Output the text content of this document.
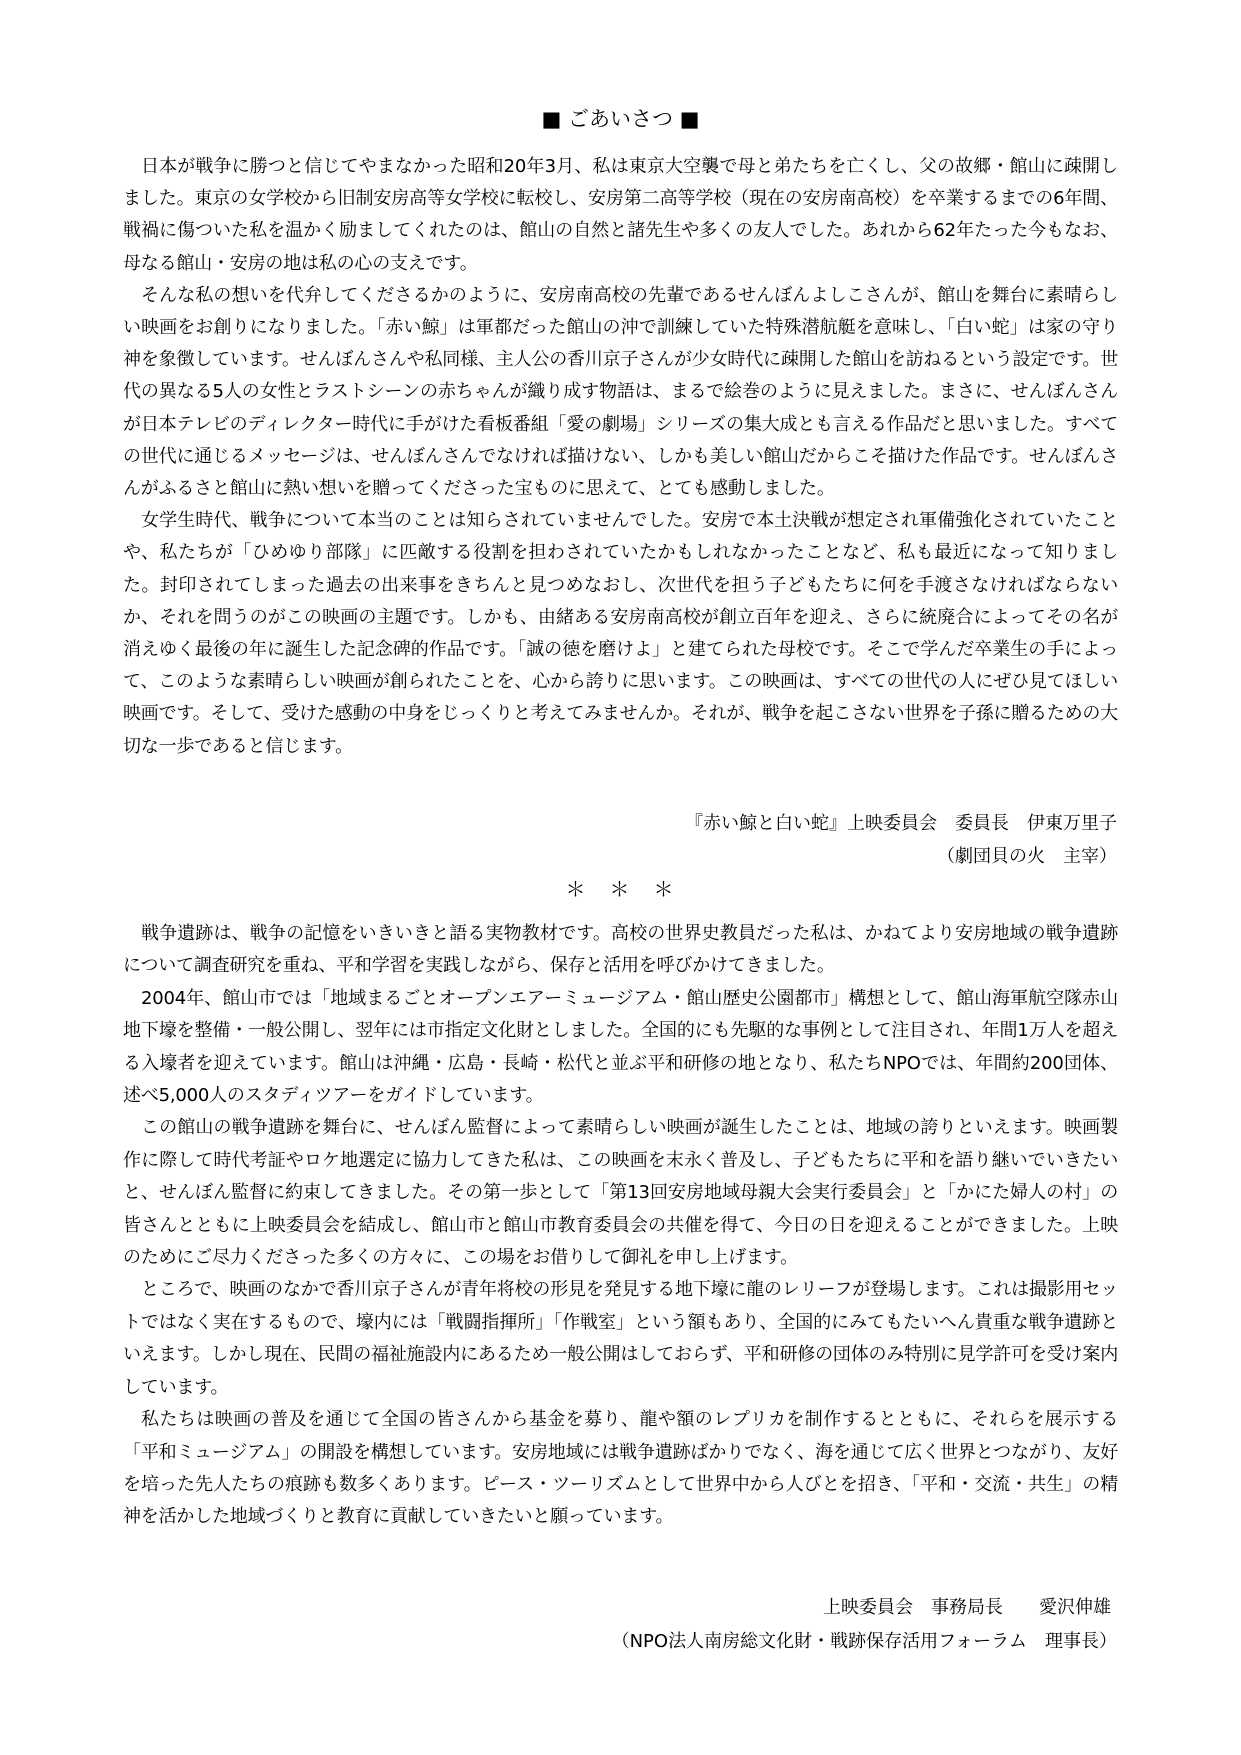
■ ごあいさつ ■

日本が戦争に勝つと信じてやまなかった昭和20年3月、私は東京大空襲で母と弟たちを亡くし、父の故郷・館山に疎開しました。東京の女学校から旧制安房高等女学校に転校し、安房第二高等学校（現在の安房南高校）を卒業するまでの6年間、戦禍に傷ついた私を温かく励ましてくれたのは、館山の自然と諸先生や多くの友人でした。あれから62年たった今もなお、母なる館山・安房の地は私の心の支えです。

そんな私の想いを代弁してくださるかのように、安房南高校の先輩であるせんぼんよしこさんが、館山を舞台に素晴らしい映画をお創りになりました。「赤い鯨」は軍都だった館山の沖で訓練していた特殊潜航艇を意味し、「白い蛇」は家の守り神を象徴しています。せんぼんさんや私同様、主人公の香川京子さんが少女時代に疎開した館山を訪ねるという設定です。世代の異なる5人の女性とラストシーンの赤ちゃんが織り成す物語は、まるで絵巻のように見えました。まさに、せんぼんさんが日本テレビのディレクター時代に手がけた看板番組「愛の劇場」シリーズの集大成とも言える作品だと思いました。すべての世代に通じるメッセージは、せんぼんさんでなければ描けない、しかも美しい館山だからこそ描けた作品です。せんぼんさんがふるさと館山に熱い想いを贈ってくださった宝ものに思えて、とても感動しました。

女学生時代、戦争について本当のことは知らされていませんでした。安房で本土決戦が想定され軍備強化されていたことや、私たちが「ひめゆり部隊」に匹敵する役割を担わされていたかもしれなかったことなど、私も最近になって知りました。封印されてしまった過去の出来事をきちんと見つめなおし、次世代を担う子どもたちに何を手渡さなければならないか、それを問うのがこの映画の主題です。しかも、由緒ある安房南高校が創立百年を迎え、さらに統廃合によってその名が消えゆく最後の年に誕生した記念碑的作品です。「誠の徳を磨けよ」と建てられた母校です。そこで学んだ卒業生の手によって、このような素晴らしい映画が創られたことを、心から誇りに思います。この映画は、すべての世代の人にぜひ見てほしい映画です。そして、受けた感動の中身をじっくりと考えてみませんか。それが、戦争を起こさない世界を子孫に贈るための大切な一歩であると信じます。

『赤い鯨と白い蛇』上映委員会　委員長　伊東万里子
（劇団貝の火　主宰）
＊　＊　＊

戦争遺跡は、戦争の記憶をいきいきと語る実物教材です。高校の世界史教員だった私は、かねてより安房地域の戦争遺跡について調査研究を重ね、平和学習を実践しながら、保存と活用を呼びかけてきました。

2004年、館山市では「地域まるごとオープンエアーミュージアム・館山歴史公園都市」構想として、館山海軍航空隊赤山地下壕を整備・一般公開し、翌年には市指定文化財としました。全国的にも先駆的な事例として注目され、年間1万人を超える入壕者を迎えています。館山は沖縄・広島・長崎・松代と並ぶ平和研修の地となり、私たちNPOでは、年間約200団体、述べ5,000人のスタディツアーをガイドしています。

この館山の戦争遺跡を舞台に、せんぼん監督によって素晴らしい映画が誕生したことは、地域の誇りといえます。映画製作に際して時代考証やロケ地選定に協力してきた私は、この映画を末永く普及し、子どもたちに平和を語り継いでいきたいと、せんぼん監督に約束してきました。その第一歩として「第13回安房地域母親大会実行委員会」と「かにた婦人の村」の皆さんとともに上映委員会を結成し、館山市と館山市教育委員会の共催を得て、今日の日を迎えることができました。上映のためにご尽力くださった多くの方々に、この場をお借りして御礼を申し上げます。

ところで、映画のなかで香川京子さんが青年将校の形見を発見する地下壕に龍のレリーフが登場します。これは撮影用セットではなく実在するもので、壕内には「戦闘指揮所」「作戦室」という額もあり、全国的にみてもたいへん貴重な戦争遺跡といえます。しかし現在、民間の福祉施設内にあるため一般公開はしておらず、平和研修の団体のみ特別に見学許可を受け案内しています。

私たちは映画の普及を通じて全国の皆さんから基金を募り、龍や額のレプリカを制作するとともに、それらを展示する「平和ミュージアム」の開設を構想しています。安房地域には戦争遺跡ばかりでなく、海を通じて広く世界とつながり、友好を培った先人たちの痕跡も数多くあります。ピース・ツーリズムとして世界中から人びとを招き、「平和・交流・共生」の精神を活かした地域づくりと教育に貢献していきたいと願っています。

上映委員会　事務局長　　愛沢伸雄
（NPO法人南房総文化財・戦跡保存活用フォーラム　理事長）
